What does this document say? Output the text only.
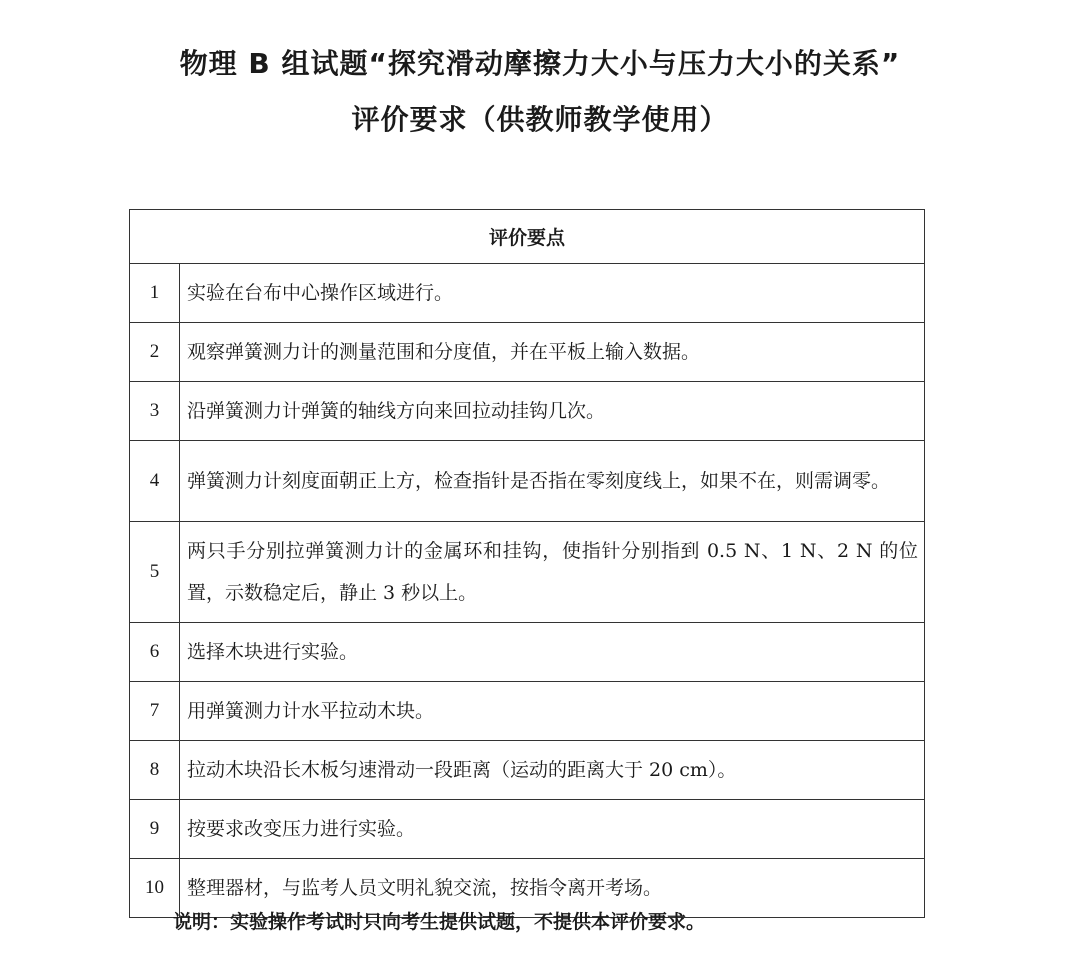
物理 B 组试题“探究滑动摩擦力大小与压力大小的关系”
评价要求（供教师教学使用）
评价要点	
1	实验在台布中心操作区域进行。
2	观察弹簧测力计的测量范围和分度值，并在平板上输入数据。
3	沿弹簧测力计弹簧的轴线方向来回拉动挂钩几次。
4	弹簧测力计刻度面朝正上方，检查指针是否指在零刻度线上，如果不在，则需调零。
5	两只手分别拉弹簧测力计的金属环和挂钩，使指针分别指到 0.5 N、1 N、2 N 的位置，示数稳定后，静止 3 秒以上。
6	选择木块进行实验。
7	用弹簧测力计水平拉动木块。
8	拉动木块沿长木板匀速滑动一段距离（运动的距离大于 20 cm）。
9	按要求改变压力进行实验。
10	整理器材，与监考人员文明礼貌交流，按指令离开考场。
说明：实验操作考试时只向考生提供试题，不提供本评价要求。
